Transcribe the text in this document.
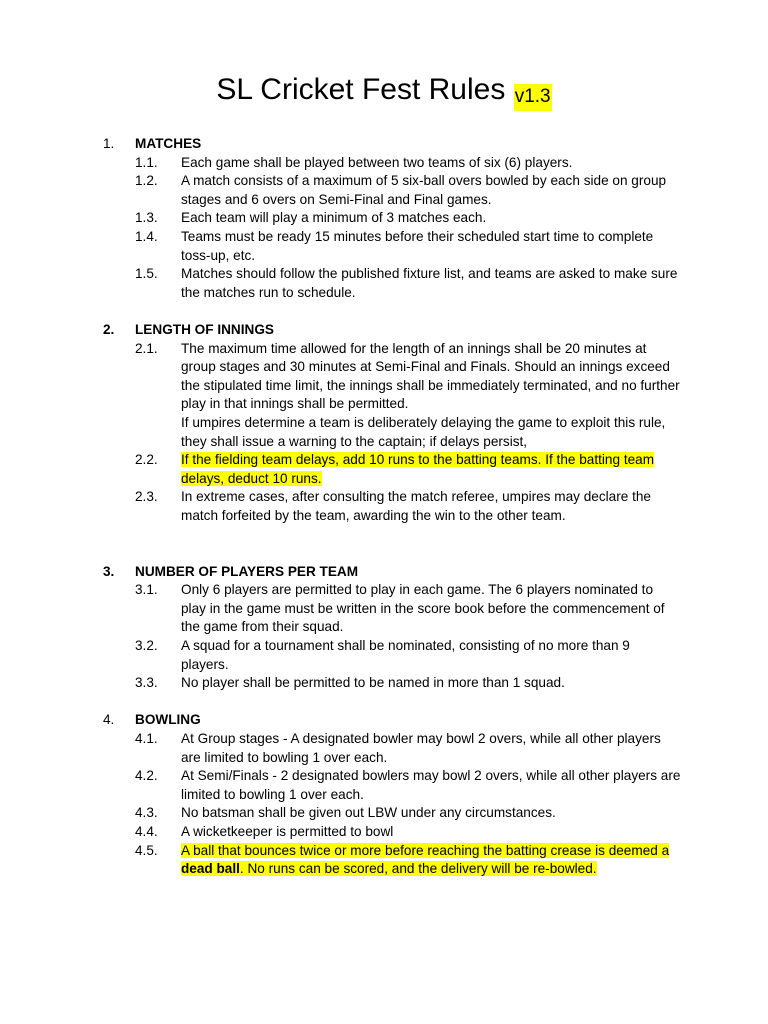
SL Cricket Fest Rules v1.3
1. MATCHES
1.1. Each game shall be played between two teams of six (6) players.
1.2. A match consists of a maximum of 5 six-ball overs bowled by each side on group stages and 6 overs on Semi-Final and Final games.
1.3. Each team will play a minimum of 3 matches each.
1.4. Teams must be ready 15 minutes before their scheduled start time to complete toss-up, etc.
1.5. Matches should follow the published fixture list, and teams are asked to make sure the matches run to schedule.
2. LENGTH OF INNINGS
2.1. The maximum time allowed for the length of an innings shall be 20 minutes at group stages and 30 minutes at Semi-Final and Finals. Should an innings exceed the stipulated time limit, the innings shall be immediately terminated, and no further play in that innings shall be permitted.
If umpires determine a team is deliberately delaying the game to exploit this rule, they shall issue a warning to the captain; if delays persist,
2.2. If the fielding team delays, add 10 runs to the batting teams. If the batting team delays, deduct 10 runs.
2.3. In extreme cases, after consulting the match referee, umpires may declare the match forfeited by the team, awarding the win to the other team.
3. NUMBER OF PLAYERS PER TEAM
3.1. Only 6 players are permitted to play in each game. The 6 players nominated to play in the game must be written in the score book before the commencement of the game from their squad.
3.2. A squad for a tournament shall be nominated, consisting of no more than 9 players.
3.3. No player shall be permitted to be named in more than 1 squad.
4. BOWLING
4.1. At Group stages - A designated bowler may bowl 2 overs, while all other players are limited to bowling 1 over each.
4.2. At Semi/Finals - 2 designated bowlers may bowl 2 overs, while all other players are limited to bowling 1 over each.
4.3. No batsman shall be given out LBW under any circumstances.
4.4. A wicketkeeper is permitted to bowl
4.5. A ball that bounces twice or more before reaching the batting crease is deemed a dead ball. No runs can be scored, and the delivery will be re-bowled.
